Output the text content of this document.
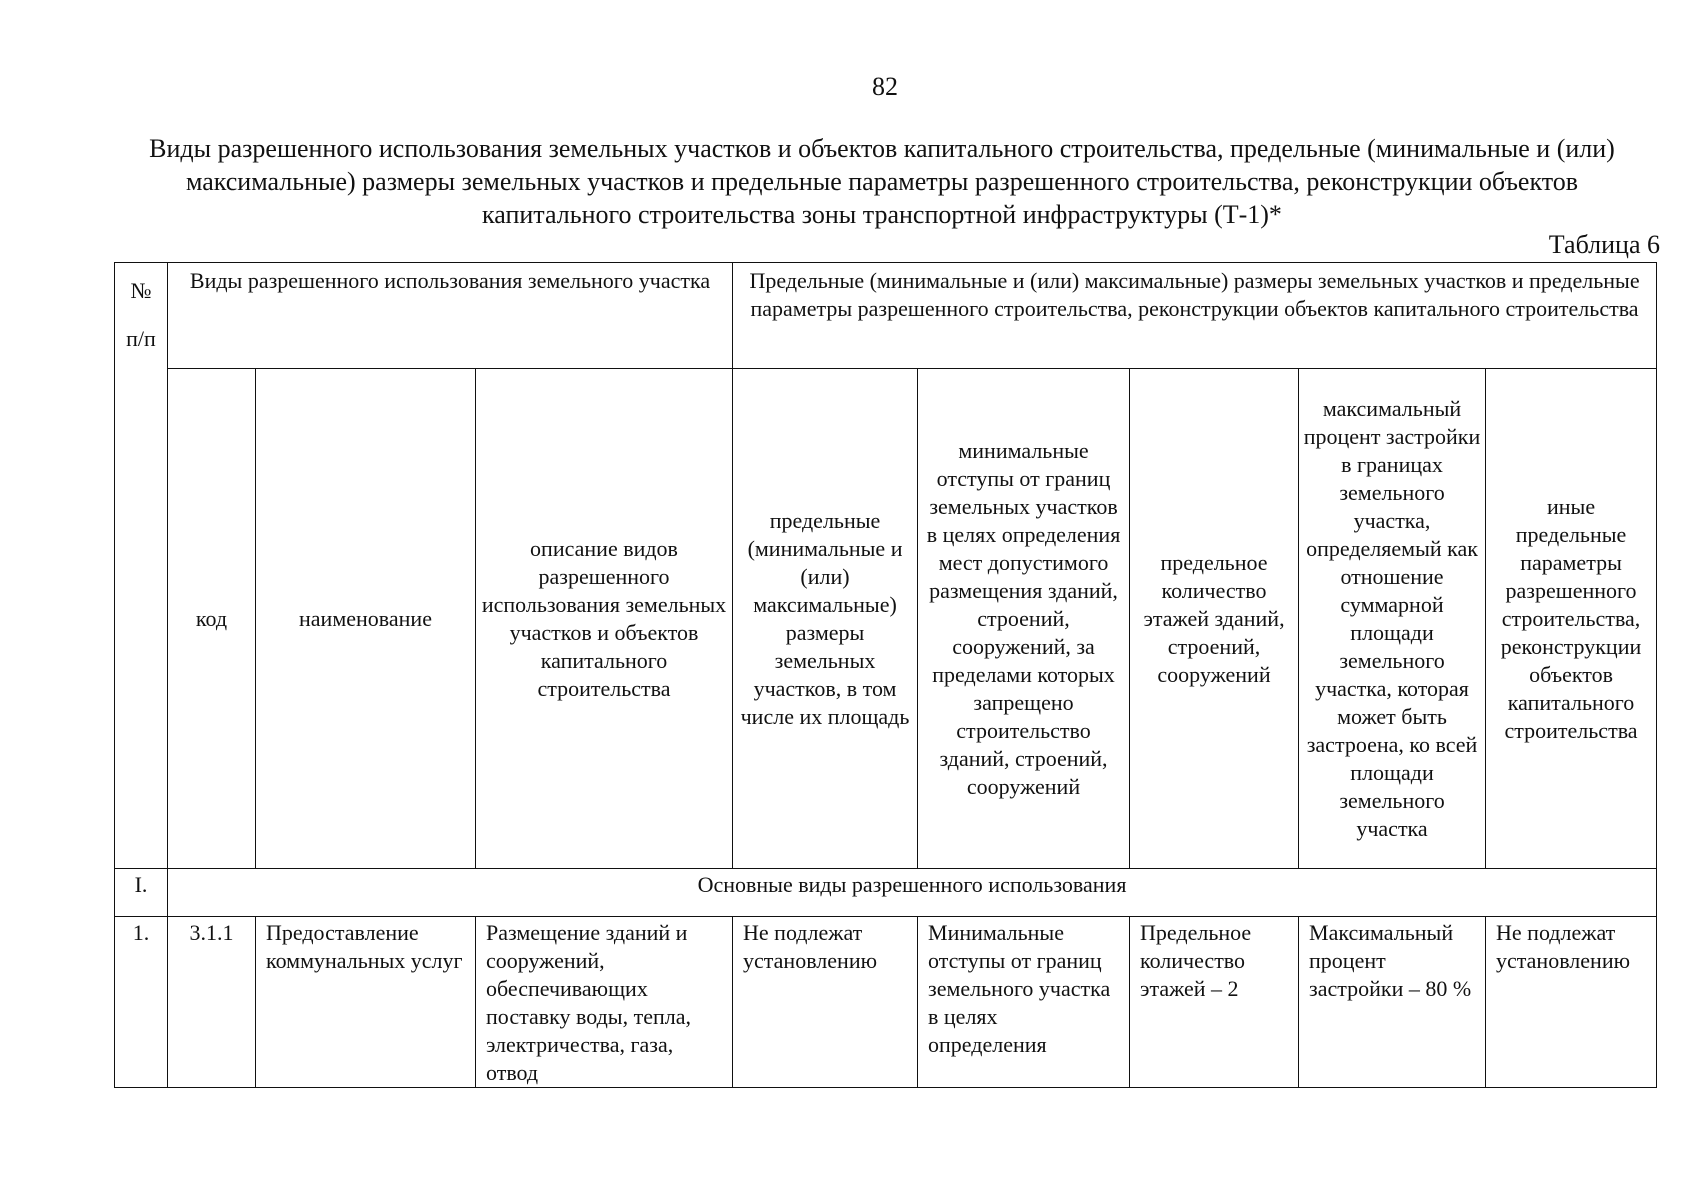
82
Виды разрешенного использования земельных участков и объектов капитального строительства, предельные (минимальные и (или) максимальные) размеры земельных участков и предельные параметры разрешенного строительства, реконструкции объектов капитального строительства зоны транспортной инфраструктуры (Т-1)*
Таблица 6
№ п/п	Виды разрешенного использования земельного участка			Предельные (минимальные и (или) максимальные) размеры земельных участков и предельные параметры разрешенного строительства, реконструкции объектов капитального строительства				
	код	наименование	описание видов разрешенного использования земельных участков и объектов капитального строительства	предельные (минимальные и (или) максимальные) размеры земельных участков, в том числе их площадь	минимальные отступы от границ земельных участков в целях определения мест допустимого размещения зданий, строений, сооружений, за пределами которых запрещено строительство зданий, строений, сооружений	предельное количество этажей зданий, строений, сооружений	максимальный процент застройки в границах земельного участка, определяемый как отношение суммарной площади земельного участка, которая может быть застроена, ко всей площади земельного участка	иные предельные параметры разрешенного строительства, реконструкции объектов капитального строительства
I.	Основные виды разрешенного использования							
1.	3.1.1	Предоставление коммунальных услуг	Размещение зданий и сооружений, обеспечивающих поставку воды, тепла, электричества, газа, отвод	Не подлежат установлению	Минимальные отступы от границ земельного участка в целях определения	Предельное количество этажей – 2	Максимальный процент застройки – 80 %	Не подлежат установлению
